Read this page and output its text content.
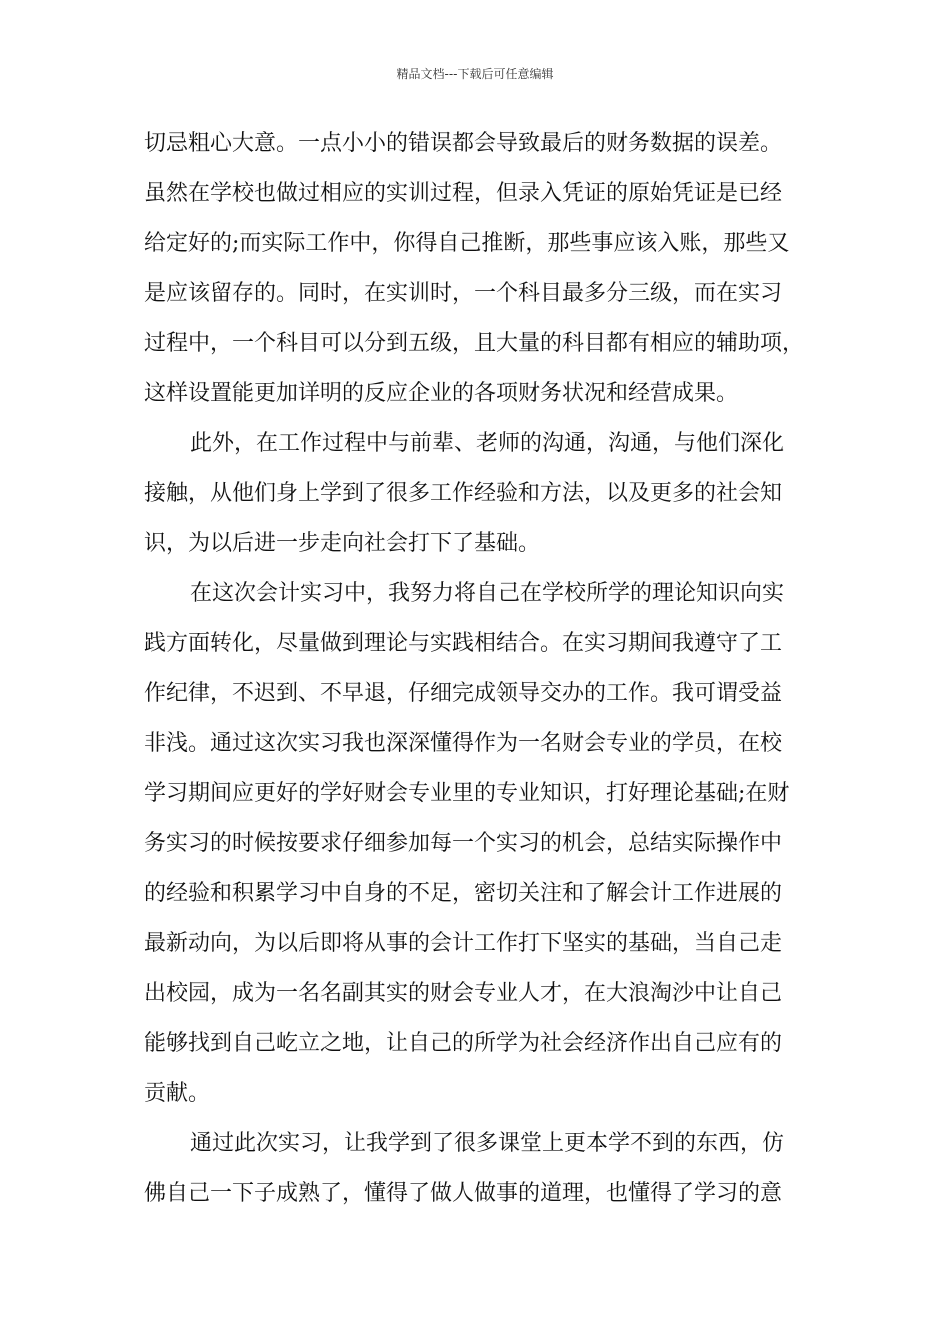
精品文档---下载后可任意编辑
切忌粗心大意。一点小小的错误都会导致最后的财务数据的误差。
虽然在学校也做过相应的实训过程，但录入凭证的原始凭证是已经
给定好的;而实际工作中，你得自己推断，那些事应该入账，那些又
是应该留存的。同时，在实训时，一个科目最多分三级，而在实习
过程中，一个科目可以分到五级，且大量的科目都有相应的辅助项，
这样设置能更加详明的反应企业的各项财务状况和经营成果。
此外，在工作过程中与前辈、老师的沟通，沟通，与他们深化
接触，从他们身上学到了很多工作经验和方法，以及更多的社会知
识，为以后进一步走向社会打下了基础。
在这次会计实习中，我努力将自己在学校所学的理论知识向实
践方面转化，尽量做到理论与实践相结合。在实习期间我遵守了工
作纪律，不迟到、不早退，仔细完成领导交办的工作。我可谓受益
非浅。通过这次实习我也深深懂得作为一名财会专业的学员，在校
学习期间应更好的学好财会专业里的专业知识，打好理论基础;在财
务实习的时候按要求仔细参加每一个实习的机会，总结实际操作中
的经验和积累学习中自身的不足，密切关注和了解会计工作进展的
最新动向，为以后即将从事的会计工作打下坚实的基础，当自己走
出校园，成为一名名副其实的财会专业人才，在大浪淘沙中让自己
能够找到自己屹立之地，让自己的所学为社会经济作出自己应有的
贡献。
通过此次实习，让我学到了很多课堂上更本学不到的东西，仿
佛自己一下子成熟了，懂得了做人做事的道理，也懂得了学习的意
